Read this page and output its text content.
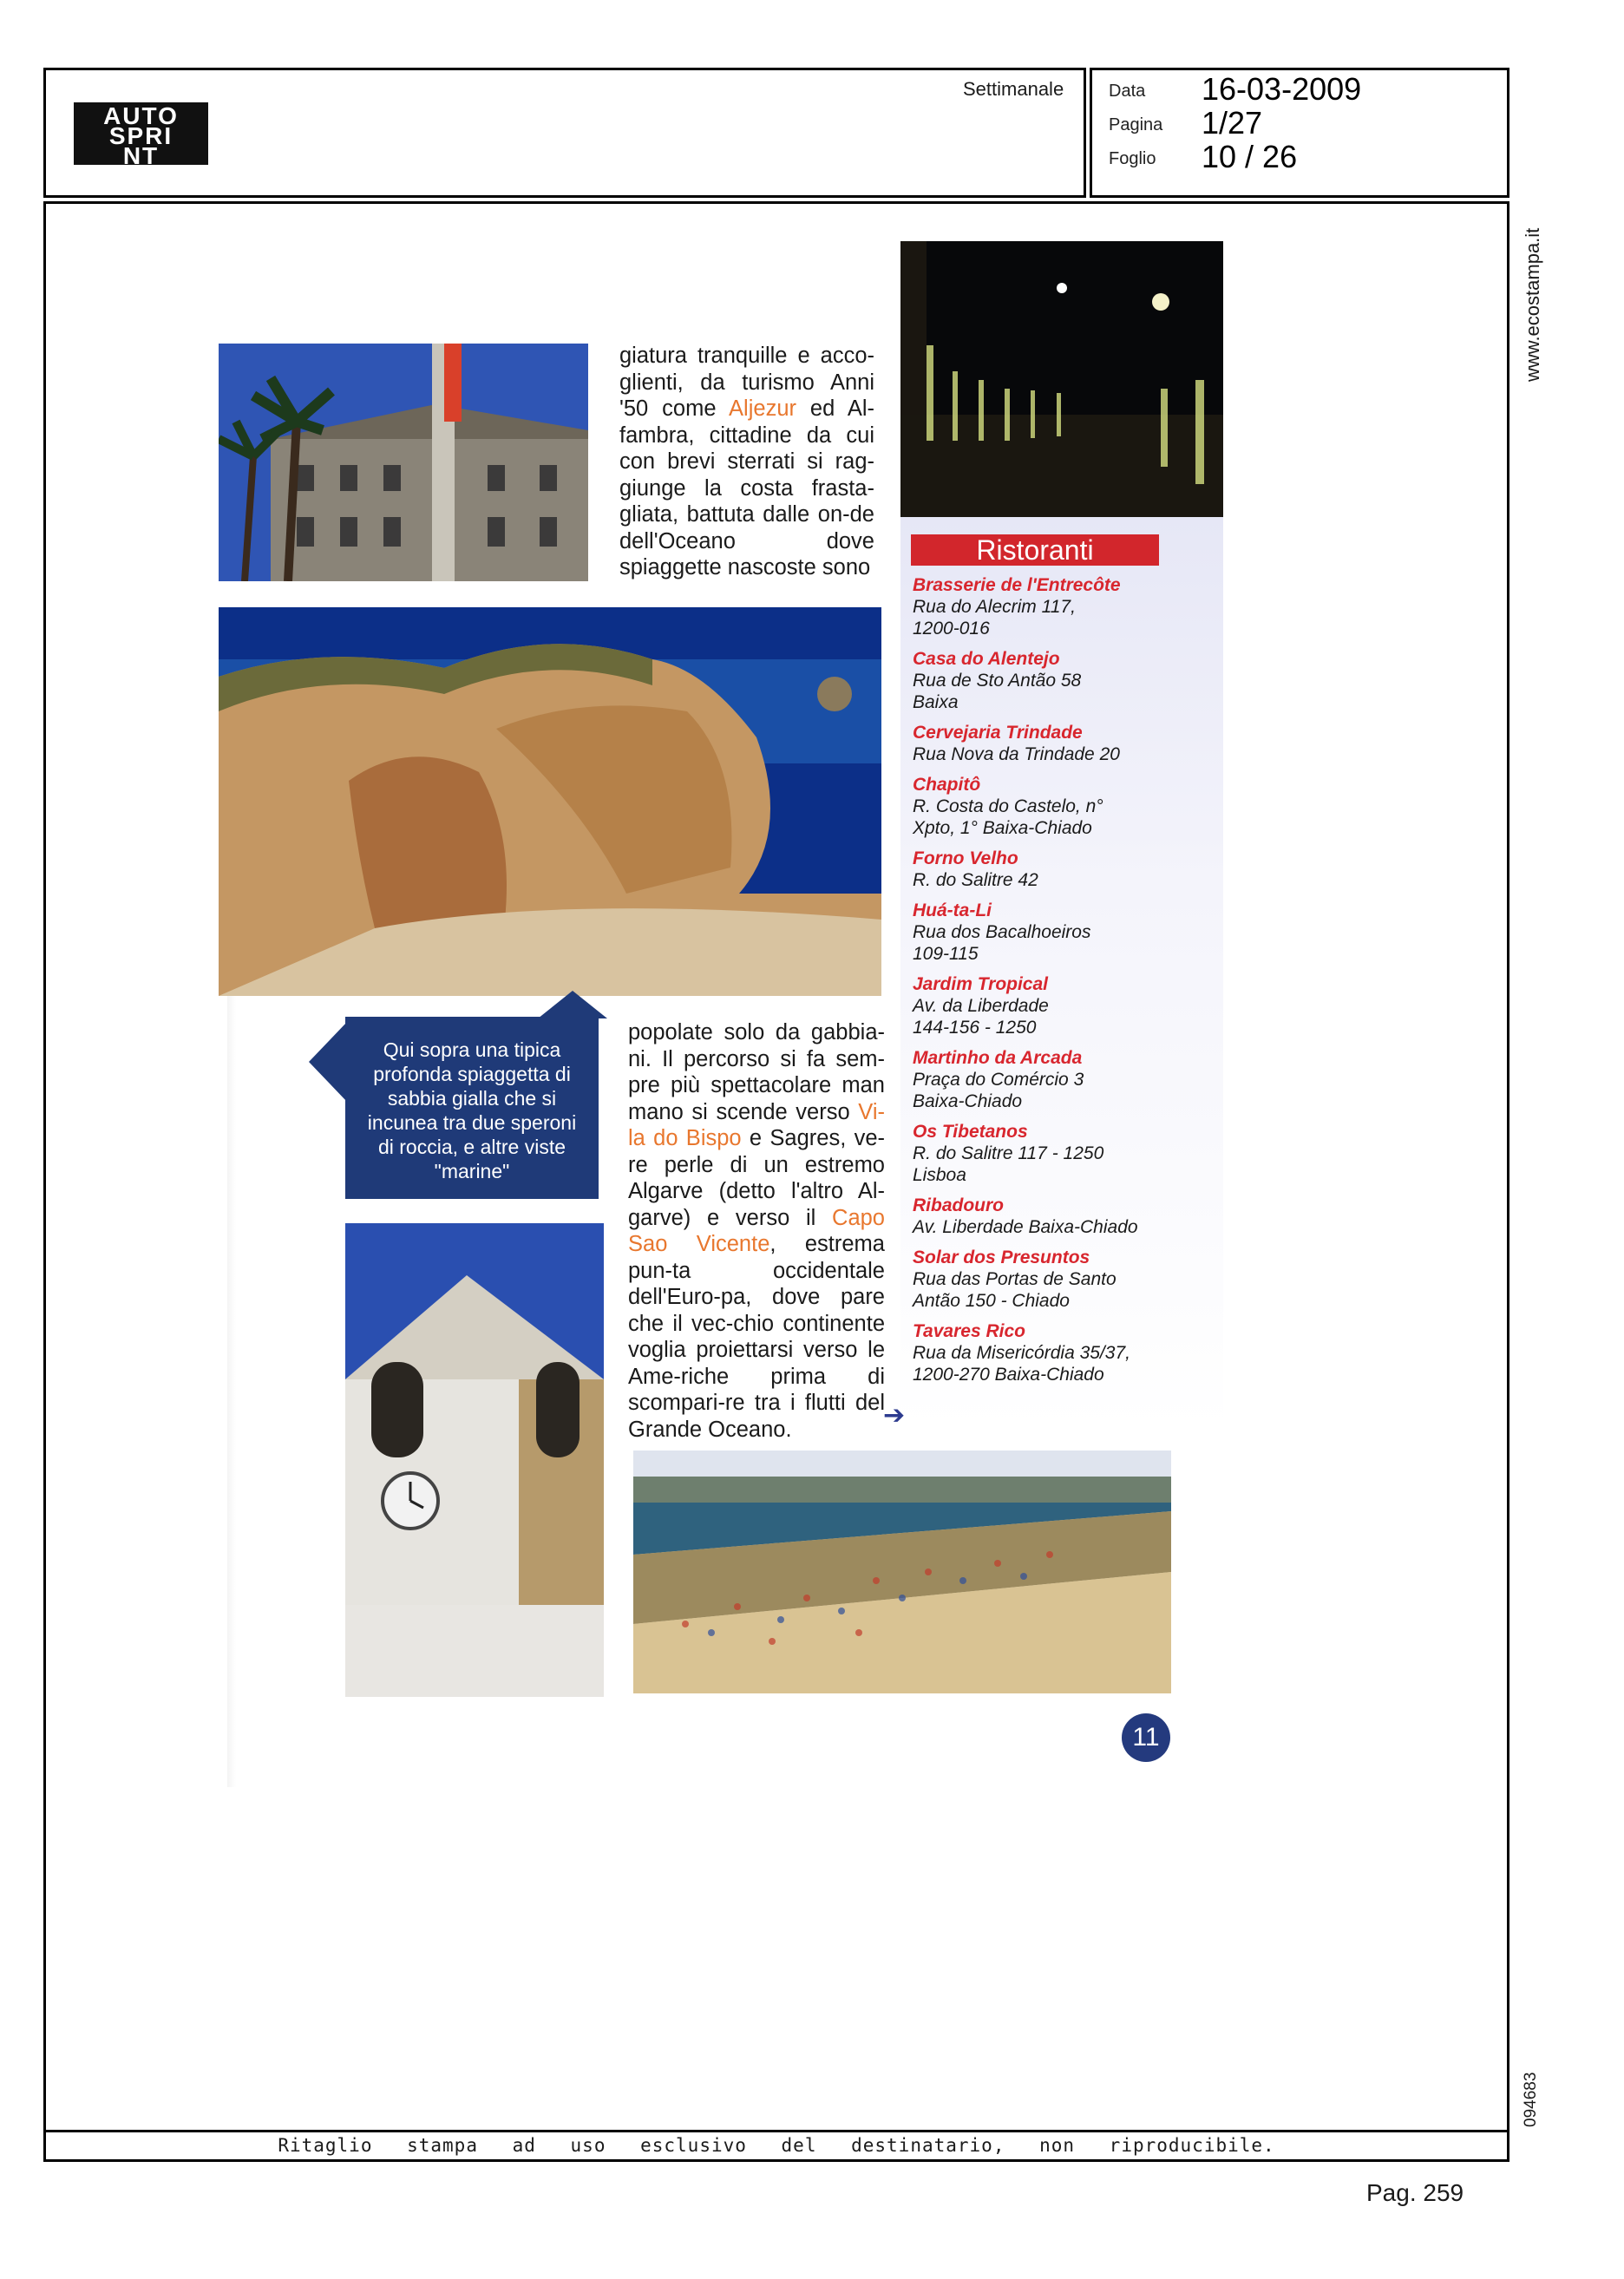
AUTO
SPRI
NT
Settimanale	Data 16-03-2009
Pagina 1/27
Foglio 10 / 26
Ritaglio stampa ad uso esclusivo del destinatario, non riproducibile.
www.ecostampa.it
094683
Pag. 259
giatura tranquille e acco-glienti, da turismo Anni '50 come Aljezur ed Al-fambra, cittadine da cui con brevi sterrati si rag-giunge la costa frasta-gliata, battuta dalle on-de dell'Oceano dove spiaggette nascoste sono
popolate solo da gabbia-ni. Il percorso si fa sem-pre più spettacolare man mano si scende verso Vi-la do Bispo e Sagres, ve-re perle di un estremo Algarve (detto l'altro Al-garve) e verso il Capo Sao Vicente, estrema pun-ta occidentale dell'Euro-pa, dove pare che il vec-chio continente voglia proiettarsi verso le Ame-riche prima di scompari-re tra i flutti del Grande Oceano.
Qui sopra una tipica profonda spiaggetta di sabbia gialla che si incunea tra due speroni di roccia, e altre viste "marine"
Ristoranti
Brasserie de l'Entrecôte
Rua do Alecrim 117,
1200-016
Casa do Alentejo
Rua de Sto Antão 58
Baixa
Cervejaria Trindade
Rua Nova da Trindade 20
Chapitô
R. Costa do Castelo, n°
Xpto, 1° Baixa-Chiado
Forno Velho
R. do Salitre 42
Huá-ta-Li
Rua dos Bacalhoeiros
109-115
Jardim Tropical
Av. da Liberdade
144-156 - 1250
Martinho da Arcada
Praça do Comércio 3
Baixa-Chiado
Os Tibetanos
R. do Salitre 117 - 1250
Lisboa
Ribadouro
Av. Liberdade Baixa-Chiado
Solar dos Presuntos
Rua das Portas de Santo
Antão 150 - Chiado
Tavares Rico
Rua da Misericórdia 35/37,
1200-270 Baixa-Chiado
➔
11
